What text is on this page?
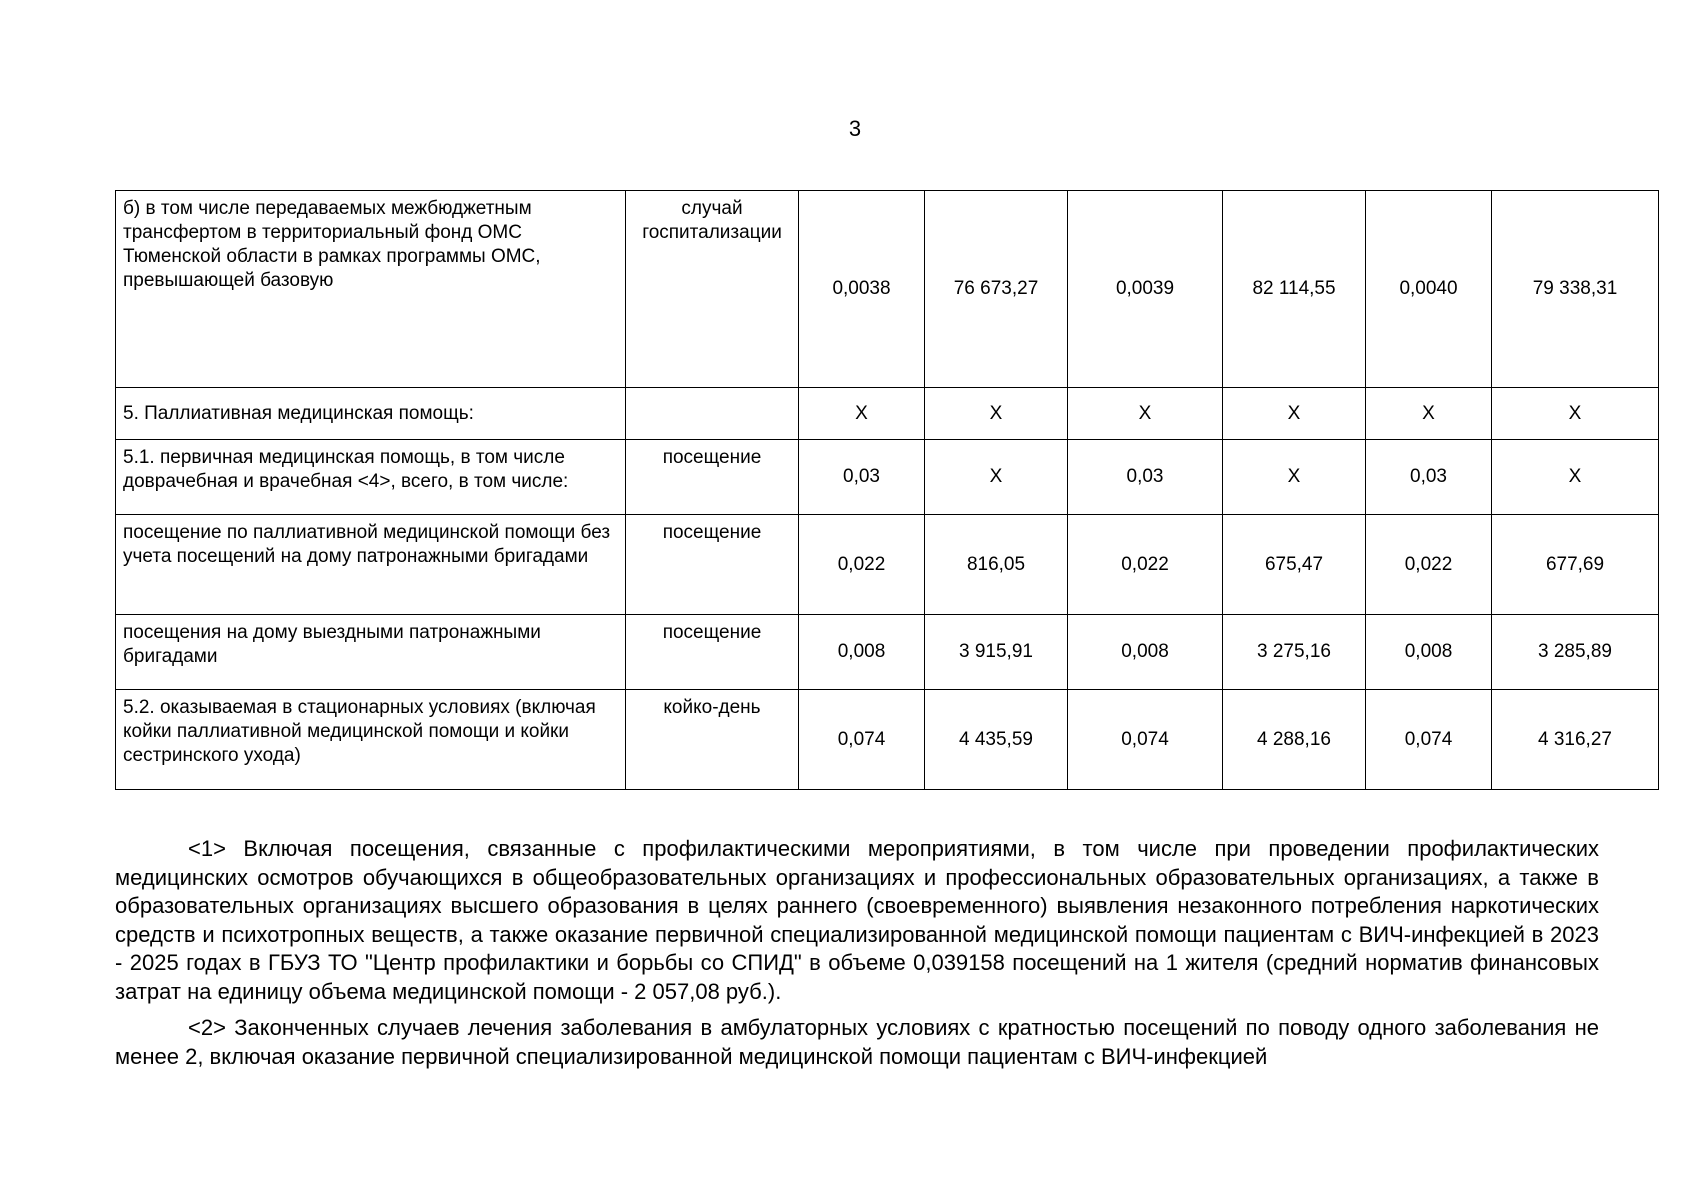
3
б) в том числе передаваемых межбюджетным трансфертом в территориальный фонд ОМС Тюменской области в рамках программы ОМС, превышающей базовую	случай госпитализации	0,0038	76 673,27	0,0039	82 114,55	0,0040	79 338,31
5. Паллиативная медицинская помощь:		X	X	X	X	X	X
5.1. первичная медицинская помощь, в том числе доврачебная и врачебная <4>, всего, в том числе:	посещение	0,03	X	0,03	X	0,03	X
посещение по паллиативной медицинской помощи без учета посещений на дому патронажными бригадами	посещение	0,022	816,05	0,022	675,47	0,022	677,69
посещения на дому выездными патронажными бригадами	посещение	0,008	3 915,91	0,008	3 275,16	0,008	3 285,89
5.2. оказываемая в стационарных условиях (включая койки паллиативной медицинской помощи и койки сестринского ухода)	койко-день	0,074	4 435,59	0,074	4 288,16	0,074	4 316,27

<1> Включая посещения, связанные с профилактическими мероприятиями, в том числе при проведении профилактических медицинских осмотров обучающихся в общеобразовательных организациях и профессиональных образовательных организациях, а также в образовательных организациях высшего образования в целях раннего (своевременного) выявления незаконного потребления наркотических средств и психотропных веществ, а также оказание первичной специализированной медицинской помощи пациентам с ВИЧ-инфекцией в 2023 - 2025 годах в ГБУЗ ТО "Центр профилактики и борьбы со СПИД" в объеме 0,039158 посещений на 1 жителя (средний норматив финансовых затрат на единицу объема медицинской помощи - 2 057,08 руб.).

<2> Законченных случаев лечения заболевания в амбулаторных условиях с кратностью посещений по поводу одного заболевания не менее 2, включая оказание первичной специализированной медицинской помощи пациентам с ВИЧ-инфекцией
